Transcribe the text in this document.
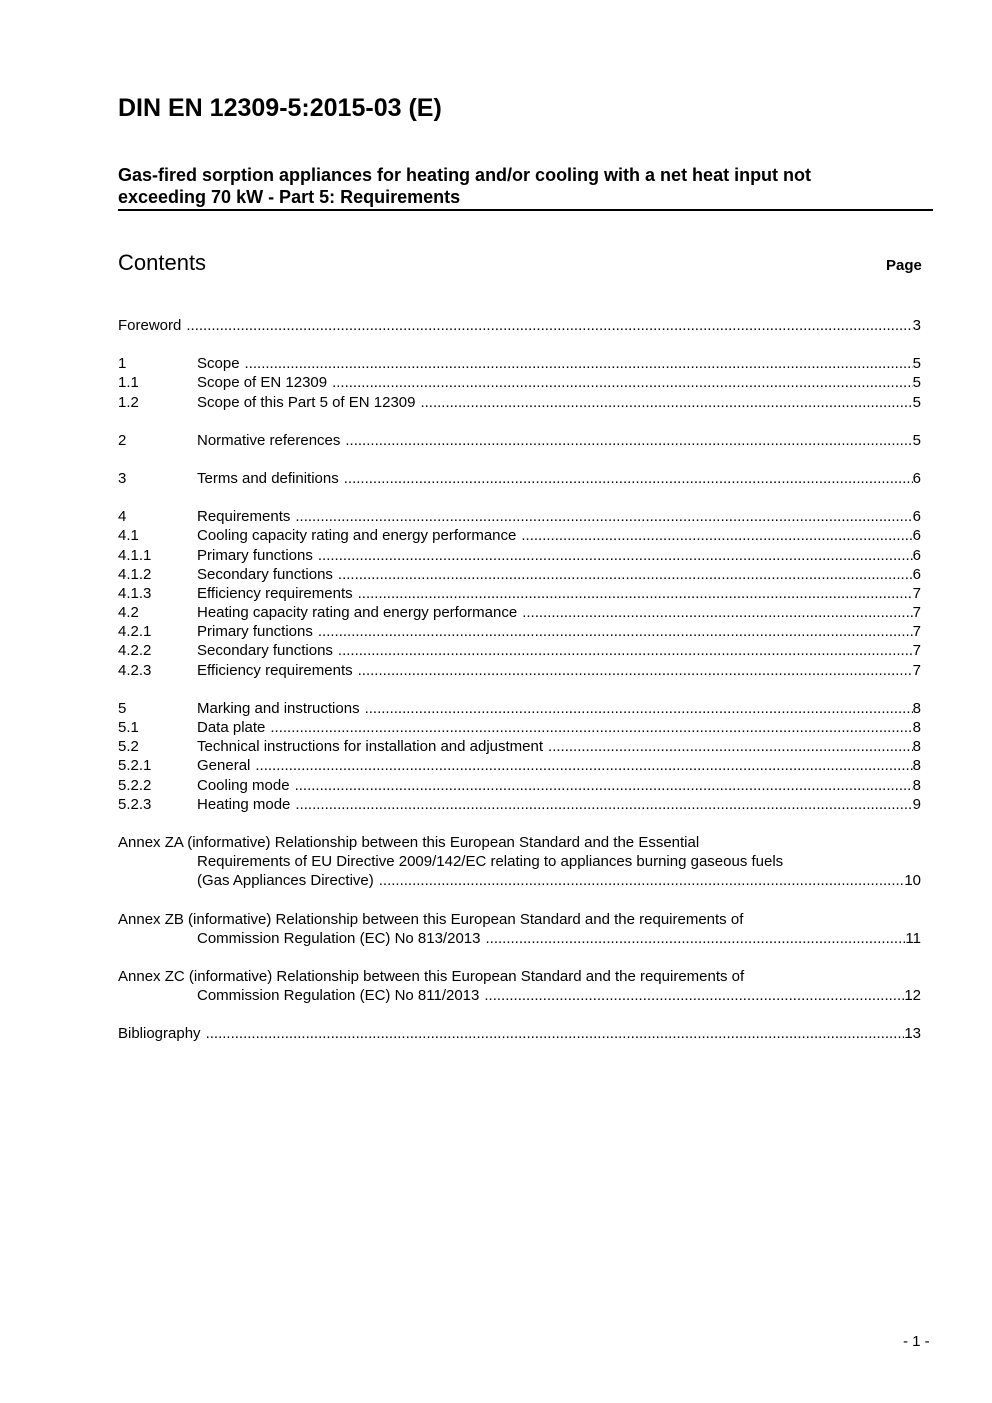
DIN EN 12309-5:2015-03 (E)
Gas-fired sorption appliances for heating and/or cooling with a net heat input not
exceeding 70 kW - Part 5: Requirements
Contents	Page
Foreword .....	3
1	Scope .....	5
1.1	Scope of EN 12309 .....	5
1.2	Scope of this Part 5 of EN 12309 .....	5
2	Normative references .....	5
3	Terms and definitions .....	6
4	Requirements .....	6
4.1	Cooling capacity rating and energy performance .....	6
4.1.1	Primary functions .....	6
4.1.2	Secondary functions .....	6
4.1.3	Efficiency requirements .....	7
4.2	Heating capacity rating and energy performance .....	7
4.2.1	Primary functions .....	7
4.2.2	Secondary functions .....	7
4.2.3	Efficiency requirements .....	7
5	Marking and instructions .....	8
5.1	Data plate .....	8
5.2	Technical instructions for installation and adjustment .....	8
5.2.1	General .....	8
5.2.2	Cooling mode .....	8
5.2.3	Heating mode .....	9
Annex ZA (informative) Relationship between this European Standard and the Essential
Requirements of EU Directive 2009/142/EC relating to appliances burning gaseous fuels
(Gas Appliances Directive) .....	10
Annex ZB (informative) Relationship between this European Standard and the requirements of
Commission Regulation (EC) No 813/2013 .....	11
Annex ZC (informative) Relationship between this European Standard and the requirements of
Commission Regulation (EC) No 811/2013 .....	12
Bibliography .....	13
- 1 -
